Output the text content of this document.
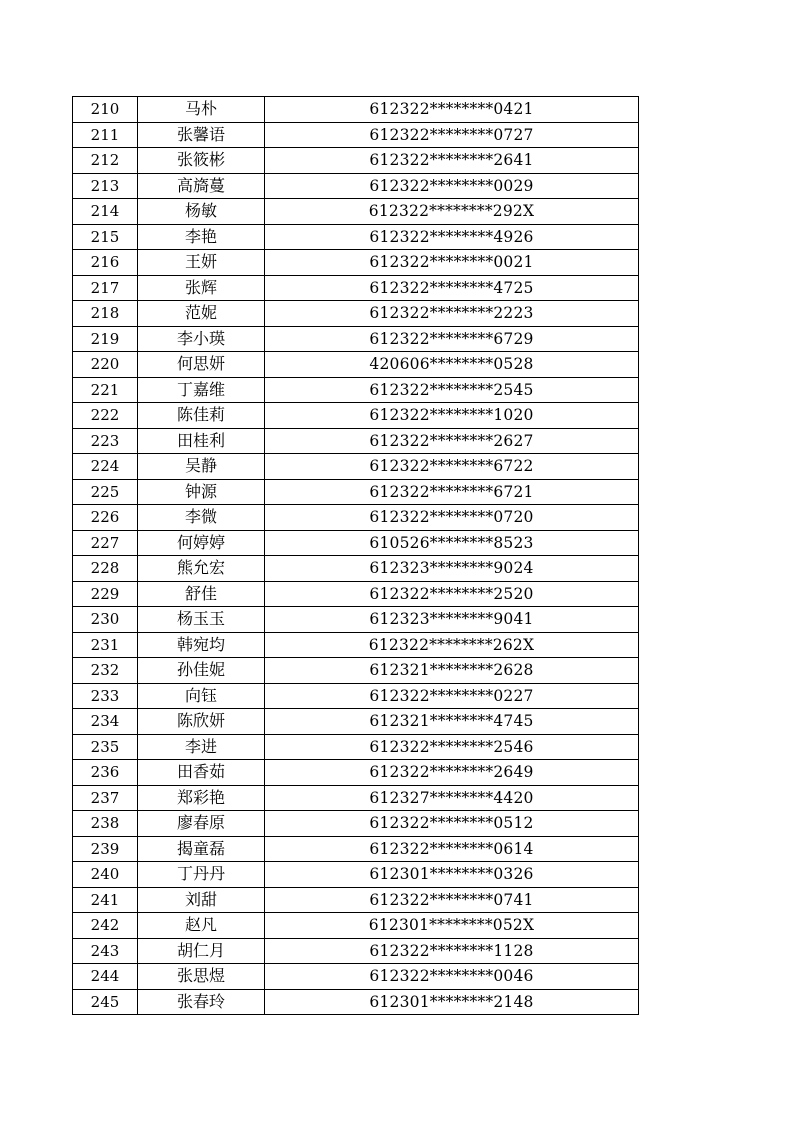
210	马朴	612322********0421
211	张馨语	612322********0727
212	张筱彬	612322********2641
213	高旖蔓	612322********0029
214	杨敏	612322********292X
215	李艳	612322********4926
216	王妍	612322********0021
217	张辉	612322********4725
218	范妮	612322********2223
219	李小瑛	612322********6729
220	何思妍	420606********0528
221	丁嘉维	612322********2545
222	陈佳莉	612322********1020
223	田桂利	612322********2627
224	吴静	612322********6722
225	钟源	612322********6721
226	李微	612322********0720
227	何婷婷	610526********8523
228	熊允宏	612323********9024
229	舒佳	612322********2520
230	杨玉玉	612323********9041
231	韩宛均	612322********262X
232	孙佳妮	612321********2628
233	向钰	612322********0227
234	陈欣妍	612321********4745
235	李进	612322********2546
236	田香茹	612322********2649
237	郑彩艳	612327********4420
238	廖春原	612322********0512
239	揭童磊	612322********0614
240	丁丹丹	612301********0326
241	刘甜	612322********0741
242	赵凡	612301********052X
243	胡仁月	612322********1128
244	张思煜	612322********0046
245	张春玲	612301********2148
